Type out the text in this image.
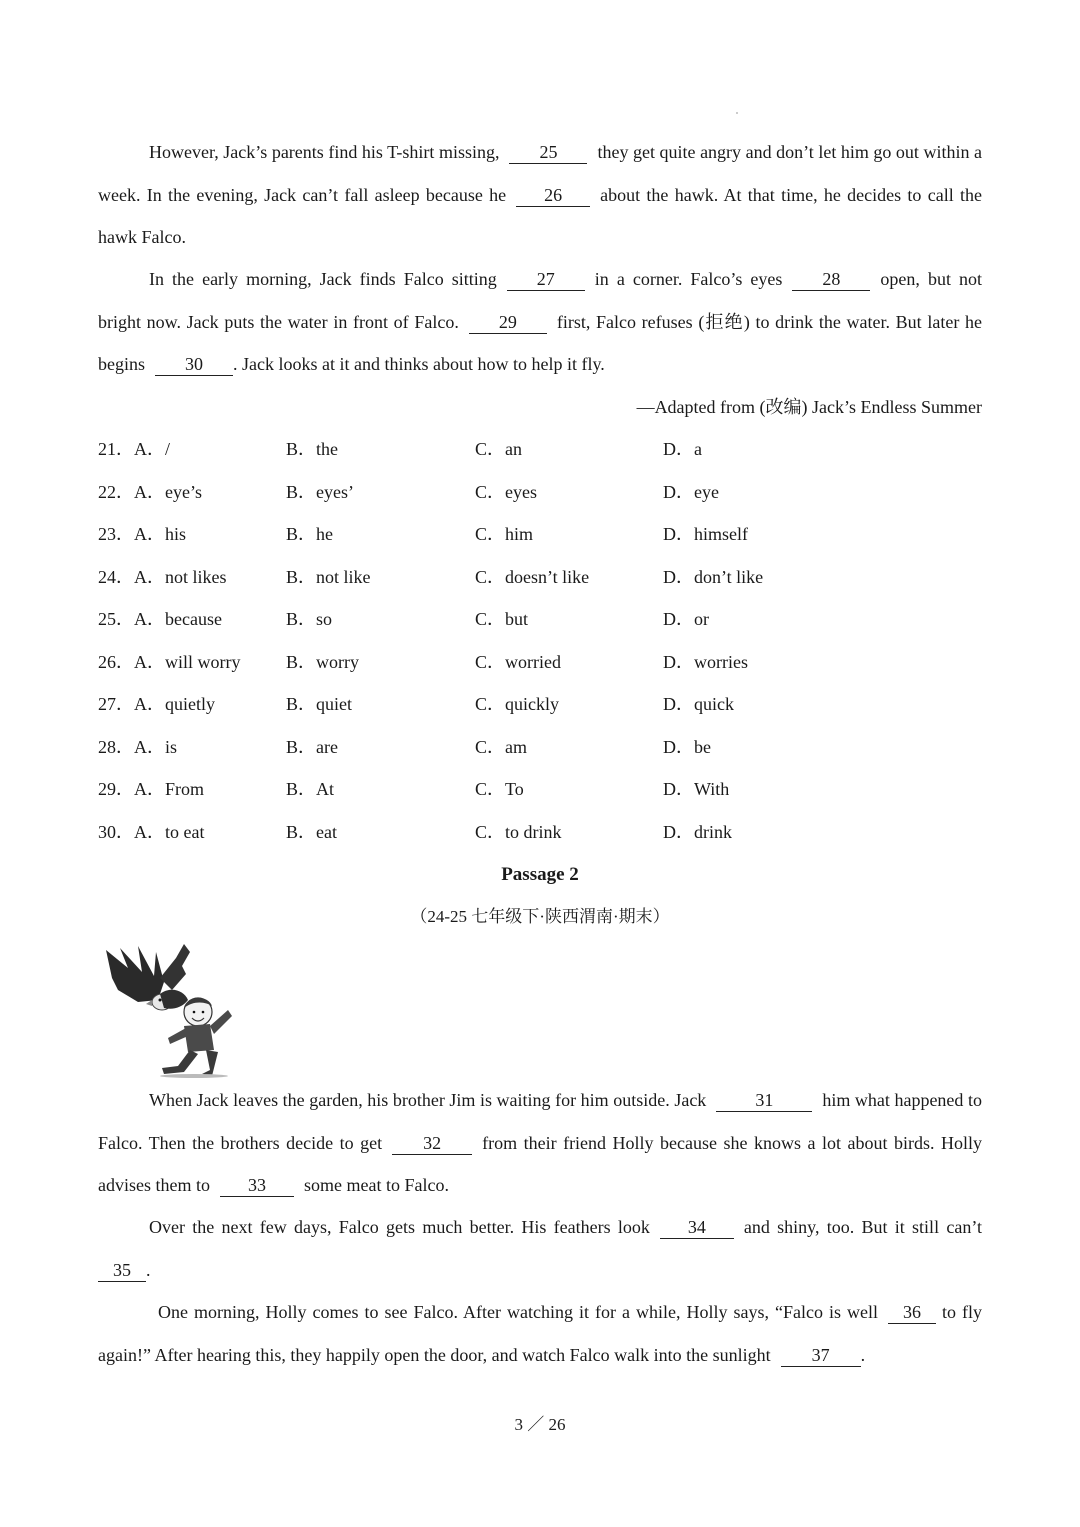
However, Jack’s parents find his T-shirt missing, 25 they get quite angry and don’t let him go out within a week. In the evening, Jack can’t fall asleep because he 26 about the hawk. At that time, he decides to call the hawk Falco.

In the early morning, Jack finds Falco sitting 27 in a corner. Falco’s eyes 28 open, but not bright now. Jack puts the water in front of Falco. 29 first, Falco refuses (拒绝) to drink the water. But later he begins 30 . Jack looks at it and thinks about how to help it fly.

—Adapted from (改编) Jack’s Endless Summer
21．A．/	B．the	C．an	D．a
22．A．eye’s	B．eyes’	C．eyes	D．eye
23．A．his	B．he	C．him	D．himself
24．A．not likes	B．not like	C．doesn’t like	D．don’t like
25．A．because	B．so	C．but	D．or
26．A．will worry	B．worry	C．worried	D．worries
27．A．quietly	B．quiet	C．quickly	D．quick
28．A．is	B．are	C．am	D．be
29．A．From	B．At	C．To	D．With
30．A．to eat	B．eat	C．to drink	D．drink
Passage 2
（24-25 七年级下·陕西渭南·期末）

When Jack leaves the garden, his brother Jim is waiting for him outside. Jack	31	him what happened to Falco. Then the brothers decide to get 32 from their friend Holly because she knows a lot about birds. Holly advises them to 33 some meat to Falco.

Over the next few days, Falco gets much better. His feathers look 34 and shiny, too. But it still can’t 35 .

One morning, Holly comes to see Falco. After watching it for a while, Holly says, “Falco is well 36 to fly again!” After hearing this, they happily open the door, and watch Falco walk into the sunlight 37 .

3 ／ 26
